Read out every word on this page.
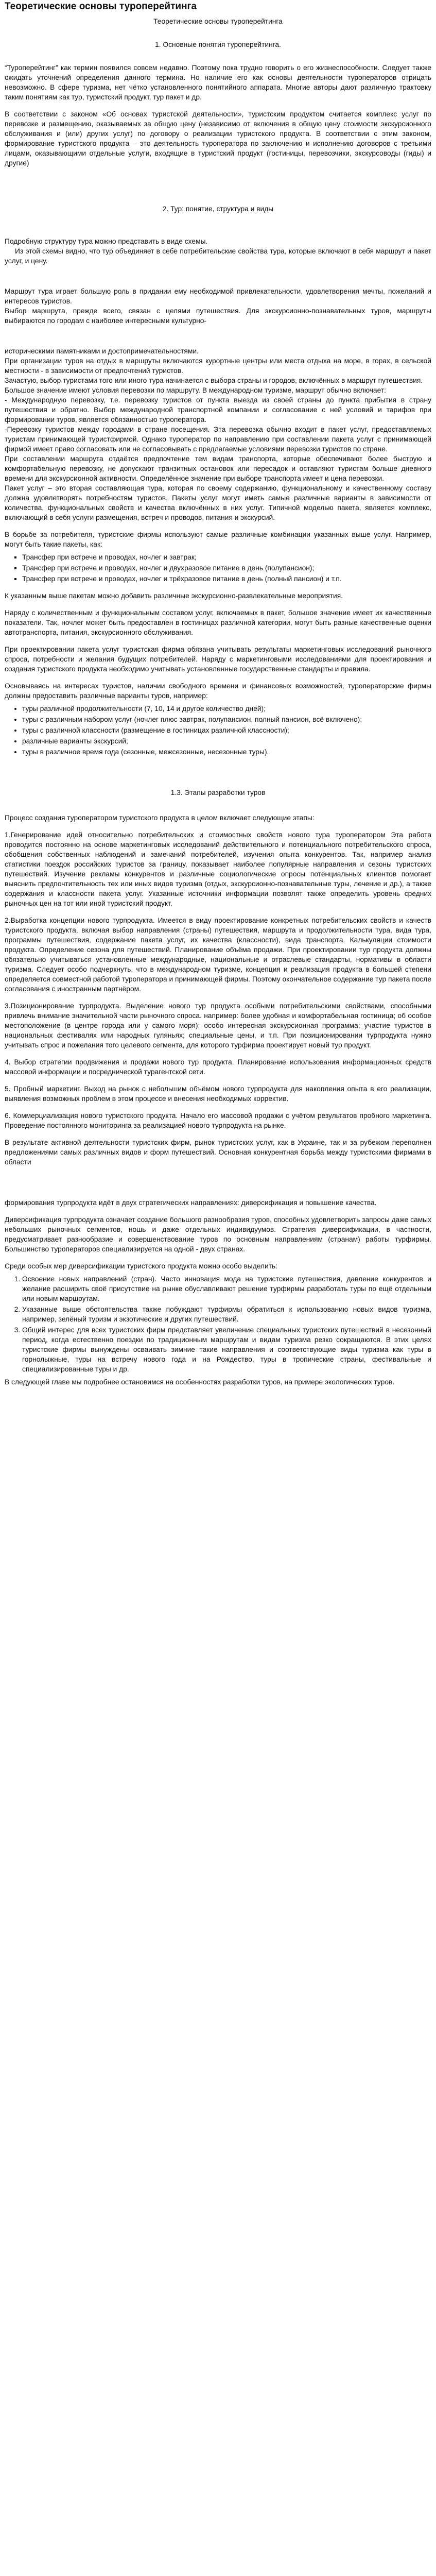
Теоретические основы туроперейтинга

Теоретические основы туроперейтинга

1. Основные понятия туроперейтинга.

“Туроперейтинг” как термин появился совсем недавно. Поэтому пока трудно говорить о его жизнеспособности. Следует также ожидать уточнений определения данного термина. Но наличие его как основы деятельности туроператоров отрицать невозможно. В сфере туризма, нет чётко установленного понятийного аппарата. Многие авторы дают различную трактовку таким понятиям как тур, туристский продукт, тур пакет и др.

В соответствии с законом «Об основах туристской деятельности», туристским продуктом считается комплекс услуг по перевозке и размещению, оказываемых за общую цену (независимо от включения в общую цену стоимости экскурсионного обслуживания и (или) других услуг) по договору о реализации туристского продукта. В соответствии с этим законом, формирование туристского продукта – это деятельность туроператора по заключению и исполнению договоров с третьими лицами, оказывающими отдельные услуги, входящие в туристский продукт (гостиницы, перевозчики, экскурсоводы (гиды) и другие)

2. Тур: понятие, структура и виды

Подробную структуру тура можно представить в виде схемы.

Из этой схемы видно, что тур объединяет в себе потребительские свойства тура, которые включают в себя маршрут и пакет услуг, и цену.

Маршрут тура играет большую роль в придании ему необходимой привлекательности, удовлетворения мечты, пожеланий и интересов туристов.

Выбор маршрута, прежде всего, связан с целями путешествия. Для экскурсионно-познавательных туров, маршруты выбираются по городам с наиболее интересными культурно-

историческими памятниками и достопримечательностями.

При организации туров на отдых в маршруты включаются курортные центры или места отдыха на море, в горах, в сельской местности - в зависимости от предпочтений туристов.

Зачастую, выбор туристами того или иного тура начинается с выбора страны и городов, включённых в маршрут путешествия.

Большое значение имеют условия перевозки по маршруту. В международном туризме, маршрут обычно включает:

- Международную перевозку, т.е. перевозку туристов от пункта выезда из своей страны до пункта прибытия в страну путешествия и обратно. Выбор международной транспортной компании и согласование с ней условий и тарифов при формировании туров, является обязанностью туроператора.

-Перевозку туристов между городами в стране посещения. Эта перевозка обычно входит в пакет услуг, предоставляемых туристам принимающей туристфирмой. Однако туроператор по направлению при составлении пакета услуг с принимающей фирмой имеет право согласовать или не согласовывать с предлагаемые условиями перевозки туристов по стране.

При составлении маршрута отдаётся предпочтение тем видам транспорта, которые обеспечивают более быструю и комфортабельную перевозку, не допускают транзитных остановок или пересадок и оставляют туристам больше дневного времени для экскурсионной активности. Определённое значение при выборе транспорта имеет и цена перевозки.

Пакет услуг – это вторая составляющая тура, которая по своему содержанию, функциональному и качественному составу должна удовлетворять потребностям туристов. Пакеты услуг могут иметь самые различные варианты в зависимости от количества, функциональных свойств и качества включённых в них услуг. Типичной моделью пакета, является комплекс, включающий в себя услуги размещения, встреч и проводов, питания и экскурсий.

В борьбе за потребителя, туристские фирмы используют самые различные комбинации указанных выше услуг. Например, могут быть такие пакеты, как:

▪ Трансфер при встрече и проводах, ночлег и завтрак;
▪ Трансфер при встрече и проводах, ночлег и двухразовое питание в день (полупансион);
▪ Трансфер при встрече и проводах, ночлег и трёхразовое питание в день (полный пансион) и т.п.

К указанным выше пакетам можно добавить различные экскурсионно-развлекательные мероприятия.

Наряду с количественным и функциональным составом услуг, включаемых в пакет, большое значение имеет их качественные показатели. Так, ночлег может быть предоставлен в гостиницах различной категории, могут быть разные качественные оценки автотранспорта, питания, экскурсионного обслуживания.

При проектировании пакета услуг туристская фирма обязана учитывать результаты маркетинговых исследований рыночного спроса, потребности и желания будущих потребителей. Наряду с маркетинговыми исследованиями для проектирования и создания туристского продукта необходимо учитывать установленные государственные стандарты и правила.

Основываясь на интересах туристов, наличии свободного времени и финансовых возможностей, туроператорские фирмы должны предоставить различные варианты туров, например:

• туры различной продолжительности (7, 10, 14 и другое количество дней);
• туры с различным набором услуг (ночлег плюс завтрак, полупансион, полный пансион, всё включено);
• туры с различной классности (размещение в гостиницах различной классности);
• различные варианты экскурсий;
• туры в различное время года (сезонные, межсезонные, несезонные туры).

1.3. Этапы разработки туров

Процесс создания туроператором туристского продукта в целом включает следующие этапы:

1.Генерирование идей относительно потребительских и стоимостных свойств нового тура туроператором Эта работа проводится постоянно на основе маркетинговых исследований действительного и потенциального потребительского спроса, обобщения собственных наблюдений и замечаний потребителей, изучения опыта конкурентов. Так, например анализ статистики поездок российских туристов за границу, показывает наиболее популярные направления и сезоны туристских путешествий. Изучение рекламы конкурентов и различные социологические опросы потенциальных клиентов помогает выяснить предпочтительность тех или иных видов туризма (отдых, экскурсионно-познавательные туры, лечение и др.), а также содержания и классности пакета услуг. Указанные источники информации позволят также определить уровень средних рыночных цен на тот или иной туристский продукт.

2.Выработка концепции нового турпродукта. Имеется в виду проектирование конкретных потребительских свойств и качеств туристского продукта, включая выбор направления (страны) путешествия, маршрута и продолжительности тура, вида тура, программы путешествия, содержание пакета услуг, их качества (классности), вида транспорта. Калькуляции стоимости продукта. Определение сезона для путешествий. Планирование объёма продажи. При проектировании тур продукта должны обязательно учитываться установленные международные, национальные и отраслевые стандарты, нормативы в области туризма. Следует особо подчеркнуть, что в международном туризме, концепция и реализация продукта в большей степени определяется совместной работой туроператора и принимающей фирмы. Поэтому окончательное содержание тур пакета после согласования с иностранным партнёром.

3.Позиционирование турпродукта. Выделение нового тур продукта особыми потребительскими свойствами, способными привлечь внимание значительной части рыночного спроса. например: более удобная и комфортабельная гостиница; об особое местоположение (в центре города или у самого моря); особо интересная экскурсионная программа; участие туристов в национальных фестивалях или народных гуляньях; специальные цены, и т.п. При позиционировании турпродукта нужно учитывать спрос и пожелания того целевого сегмента, для которого турфирма проектирует новый тур продукт.

4. Выбор стратегии продвижения и продажи нового тур продукта. Планирование использования информационных средств массовой информации и посреднической турагентской сети.

5. Пробный маркетинг. Выход на рынок с небольшим объёмом нового турпродукта для накопления опыта в его реализации, выявления возможных проблем в этом процессе и внесения необходимых корректив.

6. Коммерциализация нового туристского продукта. Начало его массовой продажи с учётом результатов пробного маркетинга. Проведение постоянного мониторинга за реализацией нового турпродукта на рынке.

В результате активной деятельности туристских фирм, рынок туристских услуг, как в Украине, так и за рубежом переполнен предложениями самых различных видов и форм путешествий. Основная конкурентная борьба между туристскими фирмами в области

формирования турпродукта идёт в двух стратегических направлениях: диверсификация и повышение качества.

Диверсификация турпродукта означает создание большого разнообразия туров, способных удовлетворить запросы даже самых небольших рыночных сегментов, ношь и даже отдельных индивидуумов. Стратегия диверсификации, в частности, предусматривает разнообразие и совершенствование туров по основным направлениям (странам) работы турфирмы. Большинство туроператоров специализируется на одной - двух странах.

Среди особых мер диверсификации туристского продукта можно особо выделить:

1. Освоение новых направлений (стран). Часто инновация мода на туристские путешествия, давление конкурентов и желание расширить своё присутствие на рынке обуславливают решение турфирмы разработать туры по ещё отдельным или новым маршрутам.
2. Указанные выше обстоятельства также побуждают турфирмы обратиться к использованию новых видов туризма, например, зелёный туризм и экзотические и других путешествий.
3. Общий интерес для всех туристских фирм представляет увеличение специальных туристских путешествий в несезонный период, когда естественно поездки по традиционным маршрутам и видам туризма резко сокращаются. В этих целях туристские фирмы вынуждены осваивать зимние такие направления и соответствующие виды туризма как туры в горнолыжные, туры на встречу нового года и на Рождество, туры в тропические страны, фестивальные и специализированные туры и др.

В следующей главе мы подробнее остановимся на особенностях разработки туров, на примере экологических туров.
